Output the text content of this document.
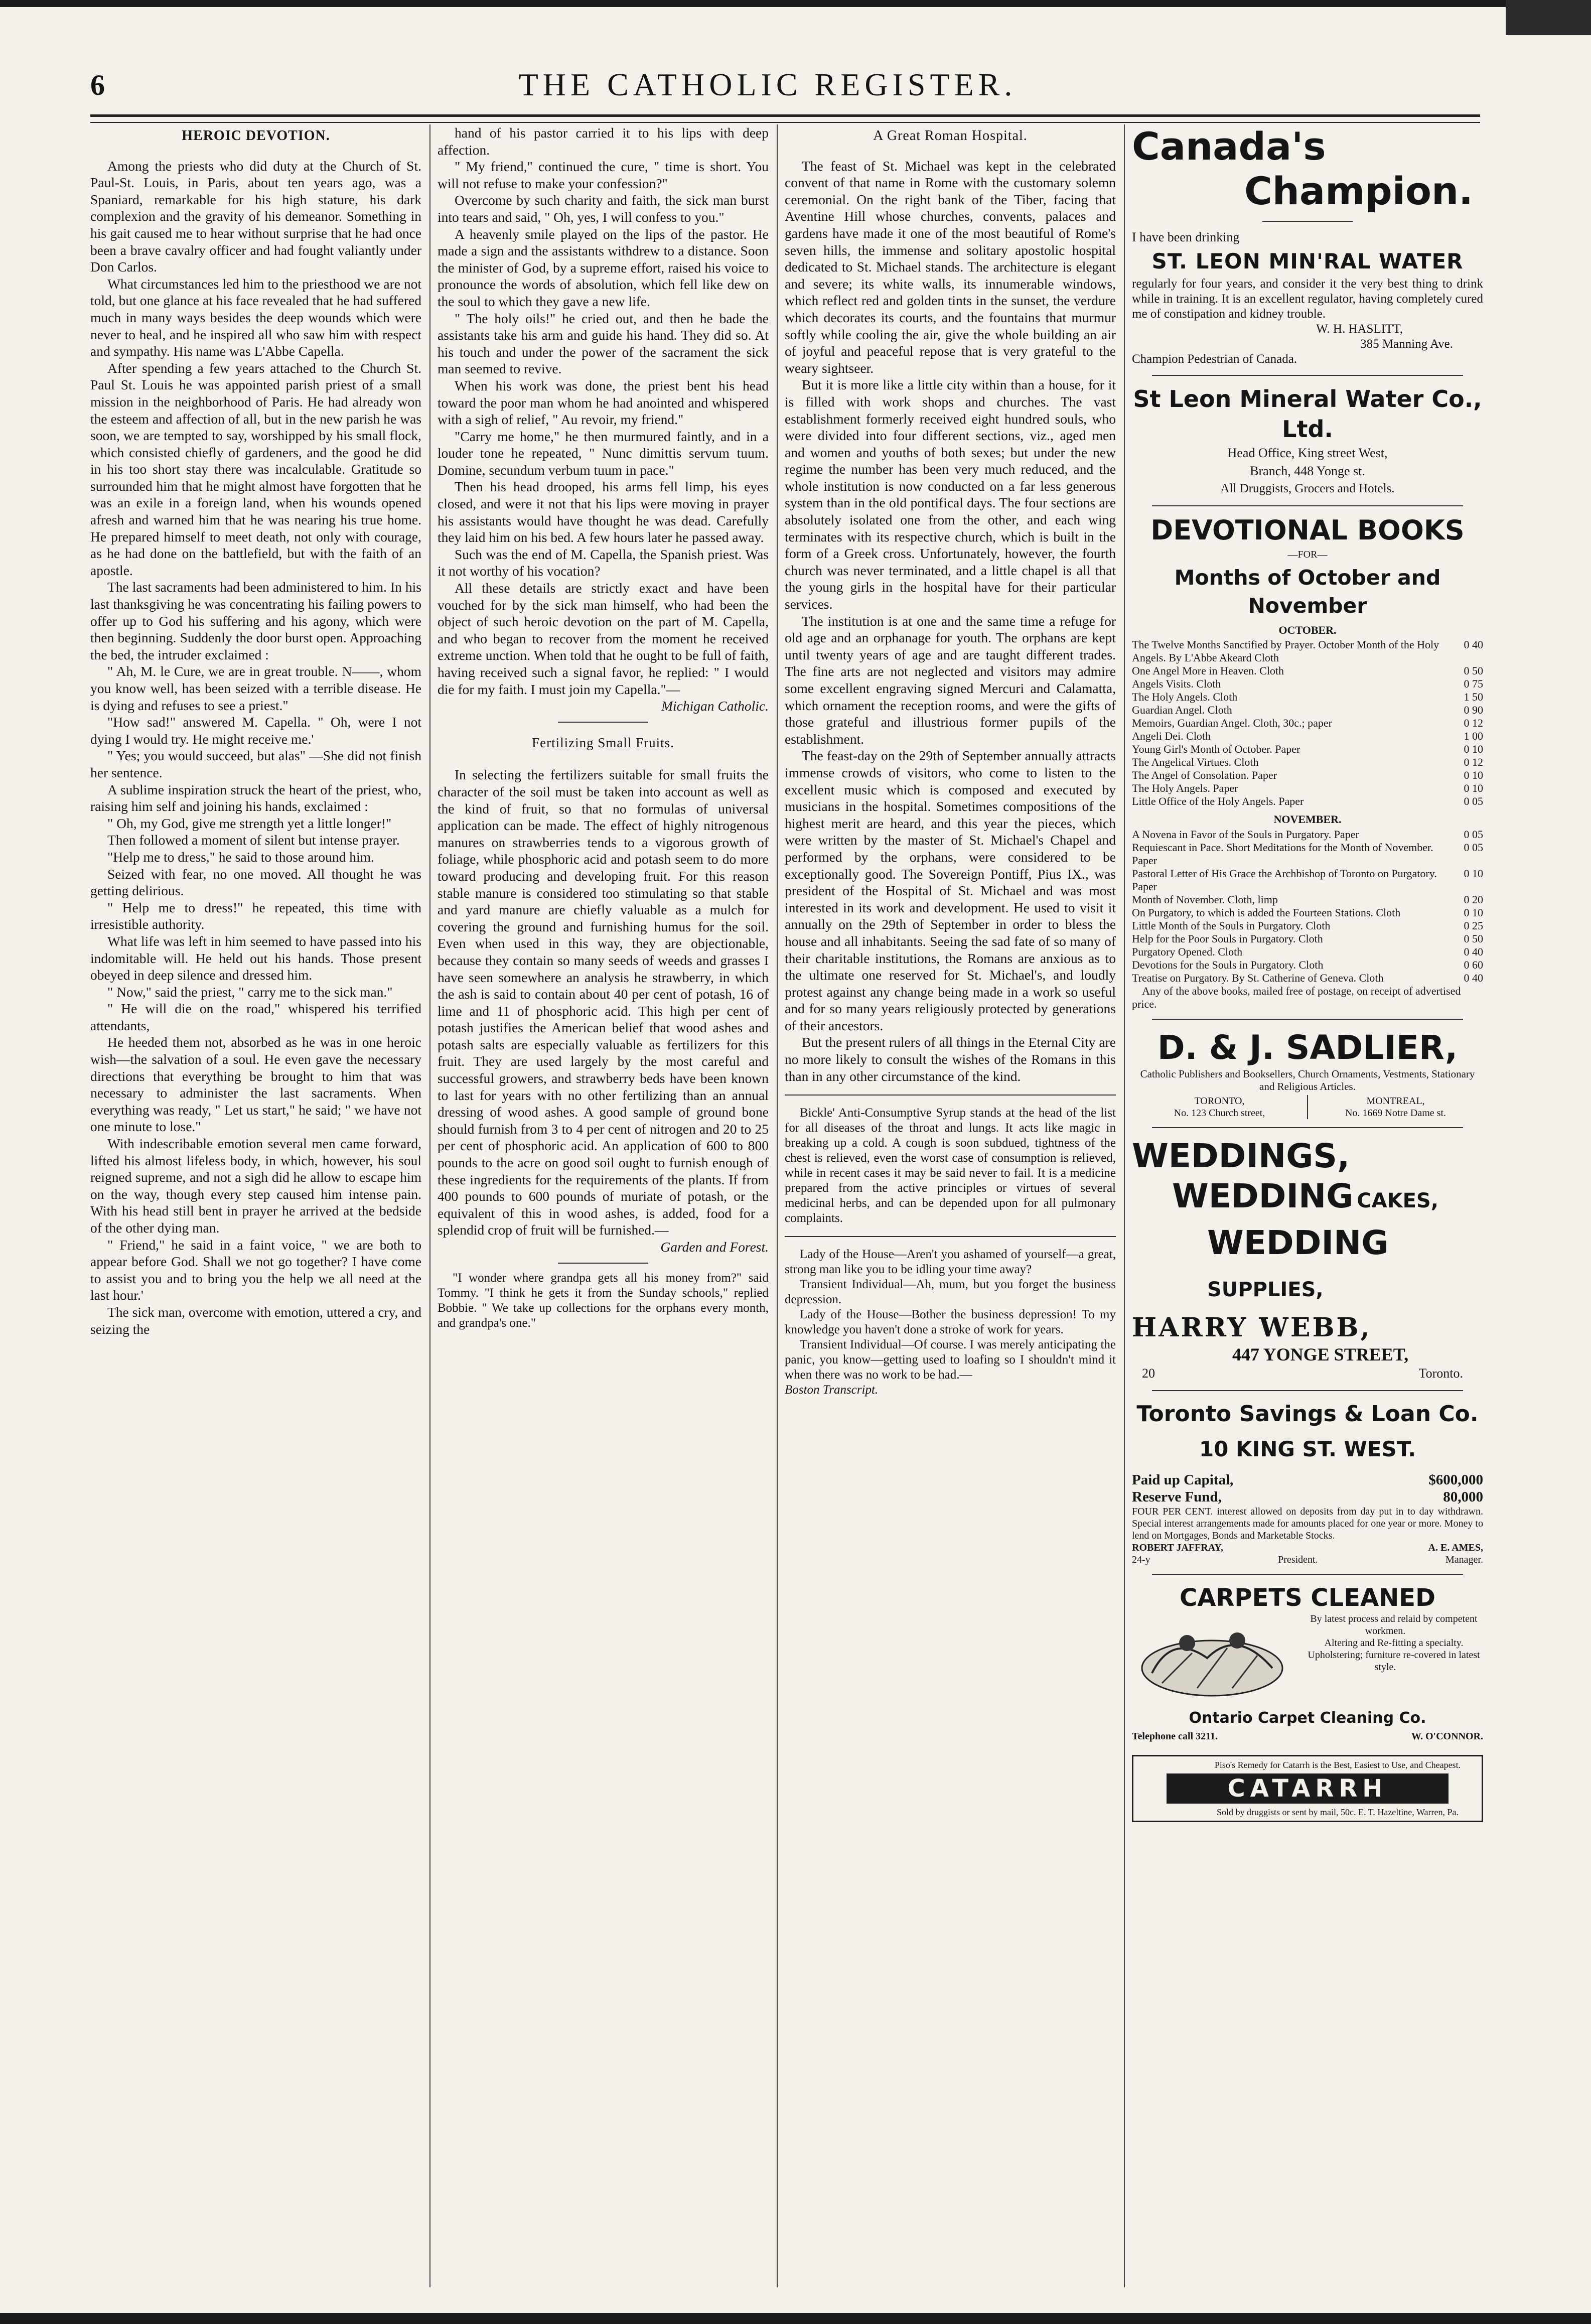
6	THE CATHOLIC REGISTER.
HEROIC DEVOTION.

Among the priests who did duty at the Church of St. Paul-St. Louis, in Paris, about ten years ago, was a Spaniard, remarkable for his high stature, his dark complexion and the gravity of his demeanor. Something in his gait caused me to hear without surprise that he had once been a brave cavalry officer and had fought valiantly under Don Carlos.

What circumstances led him to the priesthood we are not told, but one glance at his face revealed that he had suffered much in many ways besides the deep wounds which were never to heal, and he inspired all who saw him with respect and sympathy. His name was L'Abbe Capella.

After spending a few years attached to the Church St. Paul St. Louis he was appointed parish priest of a small mission in the neighborhood of Paris. He had already won the esteem and affection of all, but in the new parish he was soon, we are tempted to say, worshipped by his small flock, which consisted chiefly of gardeners, and the good he did in his too short stay there was incalculable. Gratitude so surrounded him that he might almost have forgotten that he was an exile in a foreign land, when his wounds opened afresh and warned him that he was nearing his true home. He prepared himself to meet death, not only with courage, as he had done on the battlefield, but with the faith of an apostle.

The last sacraments had been administered to him. In his last thanksgiving he was concentrating his failing powers to offer up to God his suffering and his agony, which were then beginning. Suddenly the door burst open. Approaching the bed, the intruder exclaimed :

" Ah, M. le Cure, we are in great trouble. N——, whom you know well, has been seized with a terrible disease. He is dying and refuses to see a priest."

"How sad!" answered M. Capella. " Oh, were I not dying I would try. He might receive me.'

" Yes; you would succeed, but alas" —She did not finish her sentence.

A sublime inspiration struck the heart of the priest, who, raising him self and joining his hands, exclaimed :

" Oh, my God, give me strength yet a little longer!"

Then followed a moment of silent but intense prayer.

"Help me to dress," he said to those around him.

Seized with fear, no one moved. All thought he was getting delirious.

" Help me to dress!" he repeated, this time with irresistible authority.

What life was left in him seemed to have passed into his indomitable will. He held out his hands. Those present obeyed in deep silence and dressed him.

" Now," said the priest, " carry me to the sick man."

" He will die on the road," whispered his terrified attendants,

He heeded them not, absorbed as he was in one heroic wish—the salvation of a soul. He even gave the necessary directions that everything be brought to him that was necessary to administer the last sacraments. When everything was ready, " Let us start," he said; " we have not one minute to lose."

With indescribable emotion several men came forward, lifted his almost lifeless body, in which, however, his soul reigned supreme, and not a sigh did he allow to escape him on the way, though every step caused him intense pain. With his head still bent in prayer he arrived at the bedside of the other dying man.

" Friend," he said in a faint voice, " we are both to appear before God. Shall we not go together? I have come to assist you and to bring you the help we all need at the last hour.'

The sick man, overcome with emotion, uttered a cry, and seizing the

hand of his pastor carried it to his lips with deep affection.

" My friend," continued the cure, " time is short. You will not refuse to make your confession?"

Overcome by such charity and faith, the sick man burst into tears and said, " Oh, yes, I will confess to you."

A heavenly smile played on the lips of the pastor. He made a sign and the assistants withdrew to a distance. Soon the minister of God, by a supreme effort, raised his voice to pronounce the words of absolution, which fell like dew on the soul to which they gave a new life.

" The holy oils!" he cried out, and then he bade the assistants take his arm and guide his hand. They did so. At his touch and under the power of the sacrament the sick man seemed to revive.

When his work was done, the priest bent his head toward the poor man whom he had anointed and whispered with a sigh of relief, " Au revoir, my friend."

"Carry me home," he then murmured faintly, and in a louder tone he repeated, " Nunc dimittis servum tuum. Domine, secundum verbum tuum in pace."

Then his head drooped, his arms fell limp, his eyes closed, and were it not that his lips were moving in prayer his assistants would have thought he was dead. Carefully they laid him on his bed. A few hours later he passed away.

Such was the end of M. Capella, the Spanish priest. Was it not worthy of his vocation?

All these details are strictly exact and have been vouched for by the sick man himself, who had been the object of such heroic devotion on the part of M. Capella, and who began to recover from the moment he received extreme unction. When told that he ought to be full of faith, having received such a signal favor, he replied: " I would die for my faith. I must join my Capella."—

Michigan Catholic.

Fertilizing Small Fruits.

In selecting the fertilizers suitable for small fruits the character of the soil must be taken into account as well as the kind of fruit, so that no formulas of universal application can be made. The effect of highly nitrogenous manures on strawberries tends to a vigorous growth of foliage, while phosphoric acid and potash seem to do more toward producing and developing fruit. For this reason stable manure is considered too stimulating so that stable and yard manure are chiefly valuable as a mulch for covering the ground and furnishing humus for the soil. Even when used in this way, they are objectionable, because they contain so many seeds of weeds and grasses I have seen somewhere an analysis he strawberry, in which the ash is said to contain about 40 per cent of potash, 16 of lime and 11 of phosphoric acid. This high per cent of potash justifies the American belief that wood ashes and potash salts are especially valuable as fertilizers for this fruit. They are used largely by the most careful and successful growers, and strawberry beds have been known to last for years with no other fertilizing than an annual dressing of wood ashes. A good sample of ground bone should furnish from 3 to 4 per cent of nitrogen and 20 to 25 per cent of phosphoric acid. An application of 600 to 800 pounds to the acre on good soil ought to furnish enough of these ingredients for the requirements of the plants. If from 400 pounds to 600 pounds of muriate of potash, or the equivalent of this in wood ashes, is added, food for a splendid crop of fruit will be furnished.—

Garden and Forest.

"I wonder where grandpa gets all his money from?" said Tommy. "I think he gets it from the Sunday schools," replied Bobbie. " We take up collections for the orphans every month, and grandpa's one."

A Great Roman Hospital.

The feast of St. Michael was kept in the celebrated convent of that name in Rome with the customary solemn ceremonial. On the right bank of the Tiber, facing that Aventine Hill whose churches, convents, palaces and gardens have made it one of the most beautiful of Rome's seven hills, the immense and solitary apostolic hospital dedicated to St. Michael stands. The architecture is elegant and severe; its white walls, its innumerable windows, which reflect red and golden tints in the sunset, the verdure which decorates its courts, and the fountains that murmur softly while cooling the air, give the whole building an air of joyful and peaceful repose that is very grateful to the weary sightseer.

But it is more like a little city within than a house, for it is filled with work shops and churches. The vast establishment formerly received eight hundred souls, who were divided into four different sections, viz., aged men and women and youths of both sexes; but under the new regime the number has been very much reduced, and the whole institution is now conducted on a far less generous system than in the old pontifical days. The four sections are absolutely isolated one from the other, and each wing terminates with its respective church, which is built in the form of a Greek cross. Unfortunately, however, the fourth church was never terminated, and a little chapel is all that the young girls in the hospital have for their particular services.

The institution is at one and the same time a refuge for old age and an orphanage for youth. The orphans are kept until twenty years of age and are taught different trades. The fine arts are not neglected and visitors may admire some excellent engraving signed Mercuri and Calamatta, which ornament the reception rooms, and were the gifts of those grateful and illustrious former pupils of the establishment.

The feast-day on the 29th of September annually attracts immense crowds of visitors, who come to listen to the excellent music which is composed and executed by musicians in the hospital. Sometimes compositions of the highest merit are heard, and this year the pieces, which were written by the master of St. Michael's Chapel and performed by the orphans, were considered to be exceptionally good. The Sovereign Pontiff, Pius IX., was president of the Hospital of St. Michael and was most interested in its work and development. He used to visit it annually on the 29th of September in order to bless the house and all inhabitants. Seeing the sad fate of so many of their charitable institutions, the Romans are anxious as to the ultimate one reserved for St. Michael's, and loudly protest against any change being made in a work so useful and for so many years religiously protected by generations of their ancestors.

But the present rulers of all things in the Eternal City are no more likely to consult the wishes of the Romans in this than in any other circumstance of the kind.

Bickle' Anti-Consumptive Syrup stands at the head of the list for all diseases of the throat and lungs. It acts like magic in breaking up a cold. A cough is soon subdued, tightness of the chest is relieved, even the worst case of consumption is relieved, while in recent cases it may be said never to fail. It is a medicine prepared from the active principles or virtues of several medicinal herbs, and can be depended upon for all pulmonary complaints.

Lady of the House—Aren't you ashamed of yourself—a great, strong man like you to be idling your time away?

Transient Individual—Ah, mum, but you forget the business depression.

Lady of the House—Bother the business depression! To my knowledge you haven't done a stroke of work for years.

Transient Individual—Of course. I was merely anticipating the panic, you know—getting used to loafing so I shouldn't mind it when there was no work to be had.—

Boston Transcript.

Canada's
Champion.
I have been drinking
ST. LEON MIN'RAL WATER
regularly for four years, and consider it the very best thing to drink while in training. It is an excellent regulator, having completely cured me of constipation and kidney trouble.
W. H. HASLITT,
385 Manning Ave.
Champion Pedestrian of Canada.
St Leon Mineral Water Co., Ltd.
Head Office, King street West,
Branch, 448 Yonge st.
All Druggists, Grocers and Hotels.
DEVOTIONAL BOOKS
—FOR—
Months of October and November
OCTOBER.
The Twelve Months Sanctified by Prayer. October Month of the Holy Angels. By L'Abbe Akeard Cloth
0 40
One Angel More in Heaven. Cloth	0 50
Angels Visits. Cloth	0 75
The Holy Angels. Cloth	1 50
Guardian Angel. Cloth	0 90
Memoirs, Guardian Angel. Cloth, 30c.; paper	0 12
Angeli Dei. Cloth	1 00
Young Girl's Month of October. Paper	0 10
The Angelical Virtues. Cloth	0 12
The Angel of Consolation. Paper	0 10
The Holy Angels. Paper	0 10
Little Office of the Holy Angels. Paper	0 05
NOVEMBER.
A Novena in Favor of the Souls in Purgatory. Paper	0 05
Requiescant in Pace. Short Meditations for the Month of November. Paper
0 05
Pastoral Letter of His Grace the Archbishop of Toronto on Purgatory. Paper
0 10
Month of November. Cloth, limp	0 20
On Purgatory, to which is added the Fourteen Stations. Cloth	0 10
Little Month of the Souls in Purgatory. Cloth	0 25
Help for the Poor Souls in Purgatory. Cloth	0 50
Purgatory Opened. Cloth	0 40
Devotions for the Souls in Purgatory. Cloth	0 60
Treatise on Purgatory. By St. Catherine of Geneva. Cloth	0 40
Any of the above books, mailed free of postage, on receipt of advertised price.
D. & J. SADLIER,
Catholic Publishers and Booksellers, Church Ornaments, Vestments, Stationary and Religious Articles.
TORONTO,
No. 123 Church street,
MONTREAL,
No. 1669 Notre Dame st.
WEDDINGS,
WEDDING CAKES,
WEDDING SUPPLIES,
HARRY WEBB,
447 YONGE STREET,
20	Toronto.
Toronto Savings & Loan Co.
10 KING ST. WEST.
Paid up Capital,	$600,000
Reserve Fund,	80,000
FOUR PER CENT. interest allowed on deposits from day put in to day withdrawn. Special interest arrangements made for amounts placed for one year or more. Money to lend on Mortgages, Bonds and Marketable Stocks.
ROBERT JAFFRAY,	A. E. AMES,
24-y	President.	Manager.
CARPETS CLEANED

By latest process and relaid by competent workmen.

Altering and Re-fitting a specialty.

Upholstering; furniture re-covered in latest style.

Ontario Carpet Cleaning Co.
Telephone call 3211.	W. O'CONNOR.
Piso's Remedy for Catarrh is the Best, Easiest to Use, and Cheapest.
CATARRH
Sold by druggists or sent by mail, 50c. E. T. Hazeltine, Warren, Pa.
